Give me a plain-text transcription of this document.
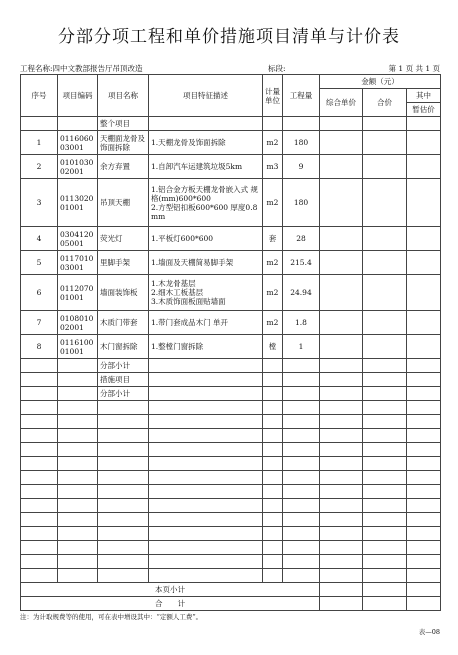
分部分项工程和单价措施项目清单与计价表
工程名称:四中文教部报告厅吊顶改造	标段:	第 1 页 共 1 页
序号	项目编码	项目名称	项目特征描述	计量单位	工程量	金额（元）		
						综合单价	合价	其中
								暂估价
		整个项目						
1	011606003001	天棚面龙骨及饰面拆除	1.天棚龙骨及饰面拆除	m2	180			
2	010103002001	余方弃置	1.自卸汽车运建筑垃圾5km	m3	9			
3	011302001001	吊顶天棚	1.铝合金方板天棚龙骨嵌入式 规格(mm)600*600
2.方型铝扣板600*600 厚度0.8mm	m2	180			
4	030412005001	荧光灯	1.平板灯600*600	套	28			
5	011701003001	里脚手架	1.墙面及天棚简易脚手架	m2	215.4			
6	011207001001	墙面装饰板	1.木龙骨基层
2.细木工板基层
3.木质饰面板面贴墙面	m2	24.94			
7	010801002001	木质门带套	1.带门套成品木门 单开	m2	1.8			
8	011610001001	木门窗拆除	1.整樘门窗拆除	樘	1			
		分部小计						
		措施项目						
		分部小计						

本页小计								
合　　计								
注：为计取规费等的使用，可在表中增设其中：“定额人工费”。
表—08
